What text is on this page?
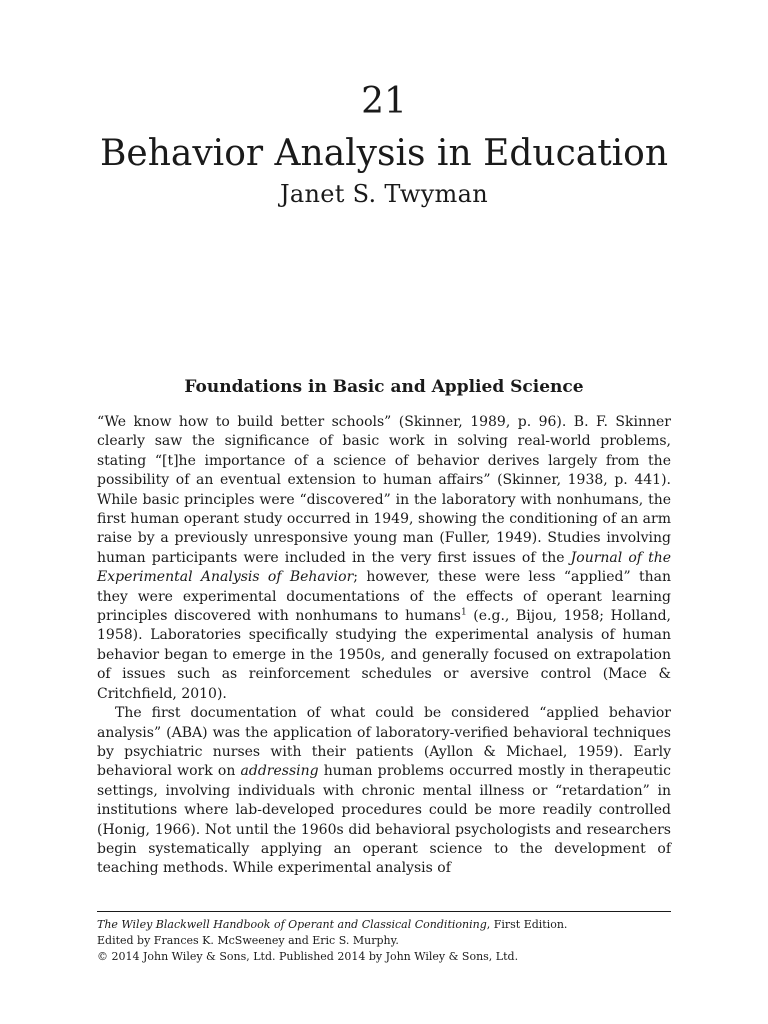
21
Behavior Analysis in Education
Janet S. Twyman
Foundations in Basic and Applied Science

“We know how to build better schools” (Skinner, 1989, p. 96). B. F. Skinner clearly saw the significance of basic work in solving real-world problems, stating “[t]he importance of a science of behavior derives largely from the possibility of an eventual extension to human affairs” (Skinner, 1938, p. 441). While basic principles were “discovered” in the laboratory with nonhumans, the first human operant study occurred in 1949, showing the conditioning of an arm raise by a previously unresponsive young man (Fuller, 1949). Studies involving human participants were included in the very first issues of the Journal of the Experimental Analysis of Behavior; however, these were less “applied” than they were experimental documentations of the effects of operant learning principles discovered with nonhumans to humans$^1$ (e.g., Bijou, 1958; Holland, 1958). Laboratories specifically studying the experimental analysis of human behavior began to emerge in the 1950s, and generally focused on extrapolation of issues such as reinforcement schedules or aversive control (Mace & Critchfield, 2010).

The first documentation of what could be considered “applied behavior analysis” (ABA) was the application of laboratory-verified behavioral techniques by psychiatric nurses with their patients (Ayllon & Michael, 1959). Early behavioral work on addressing human problems occurred mostly in therapeutic settings, involving individuals with chronic mental illness or “retardation” in institutions where lab-developed procedures could be more readily controlled (Honig, 1966). Not until the 1960s did behavioral psychologists and researchers begin systematically applying an operant science to the development of teaching methods. While experimental analysis of

The Wiley Blackwell Handbook of Operant and Classical Conditioning, First Edition.
Edited by Frances K. McSweeney and Eric S. Murphy.
© 2014 John Wiley & Sons, Ltd. Published 2014 by John Wiley & Sons, Ltd.
